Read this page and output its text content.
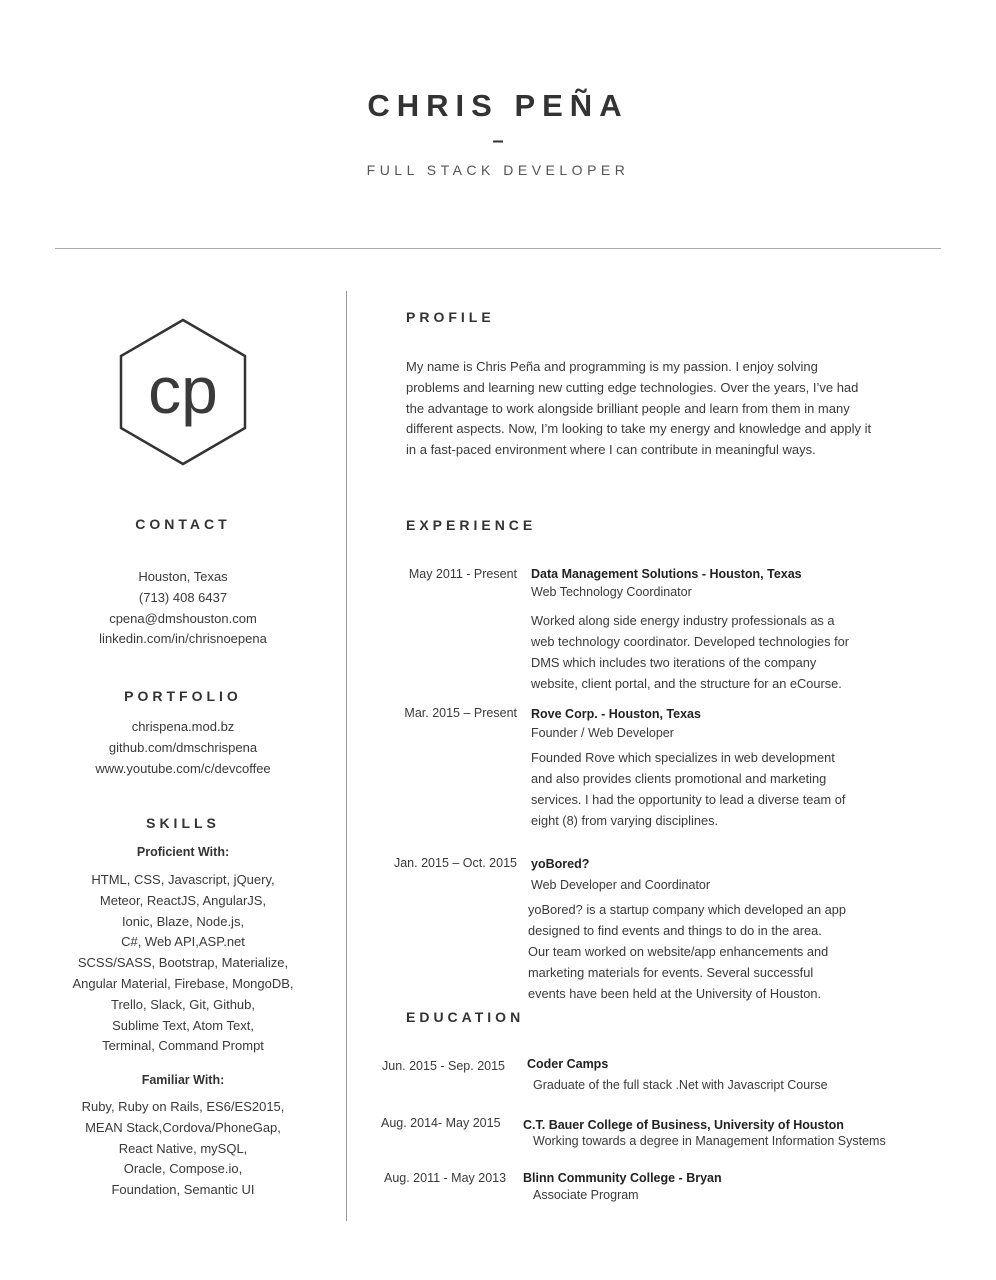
CHRIS PEÑA
–
FULL STACK DEVELOPER
cp
CONTACT
Houston, Texas
(713) 408 6437
cpena@dmshouston.com
linkedin.com/in/chrisnoepena
PORTFOLIO
chrispena.mod.bz
github.com/dmschrispena
www.youtube.com/c/devcoffee
SKILLS
Proficient With:
HTML, CSS, Javascript, jQuery,
Meteor, ReactJS, AngularJS,
Ionic, Blaze, Node.js,
C#, Web API,ASP.net
SCSS/SASS, Bootstrap, Materialize,
Angular Material, Firebase, MongoDB,
Trello, Slack, Git, Github,
Sublime Text, Atom Text,
Terminal, Command Prompt
Familiar With:
Ruby, Ruby on Rails, ES6/ES2015,
MEAN Stack,Cordova/PhoneGap,
React Native, mySQL,
Oracle, Compose.io,
Foundation, Semantic UI
PROFILE
My name is Chris Peña and programming is my passion. I enjoy solving
problems and learning new cutting edge technologies. Over the years, I’ve had
the advantage to work alongside brilliant people and learn from them in many
different aspects. Now, I’m looking to take my energy and knowledge and apply it
in a fast-paced environment where I can contribute in meaningful ways.
EXPERIENCE
May 2011 - Present Data Management Solutions - Houston, Texas
Web Technology Coordinator
Worked along side energy industry professionals as a
web technology coordinator. Developed technologies for
DMS which includes two iterations of the company
website, client portal, and the structure for an eCourse.
Mar. 2015 – Present Rove Corp. - Houston, Texas
Founder / Web Developer
Founded Rove which specializes in web development
and also provides clients promotional and marketing
services. I had the opportunity to lead a diverse team of
eight (8) from varying disciplines.
Jan. 2015 – Oct. 2015 yoBored?
Web Developer and Coordinator
yoBored? is a startup company which developed an app
designed to find events and things to do in the area.
Our team worked on website/app enhancements and
marketing materials for events. Several successful
events have been held at the University of Houston.
EDUCATION
Jun. 2015 - Sep. 2015 Coder Camps
Graduate of the full stack .Net with Javascript Course
Aug. 2014- May 2015 C.T. Bauer College of Business, University of Houston
Working towards a degree in Management Information Systems
Aug. 2011 - May 2013 Blinn Community College - Bryan
Associate Program
